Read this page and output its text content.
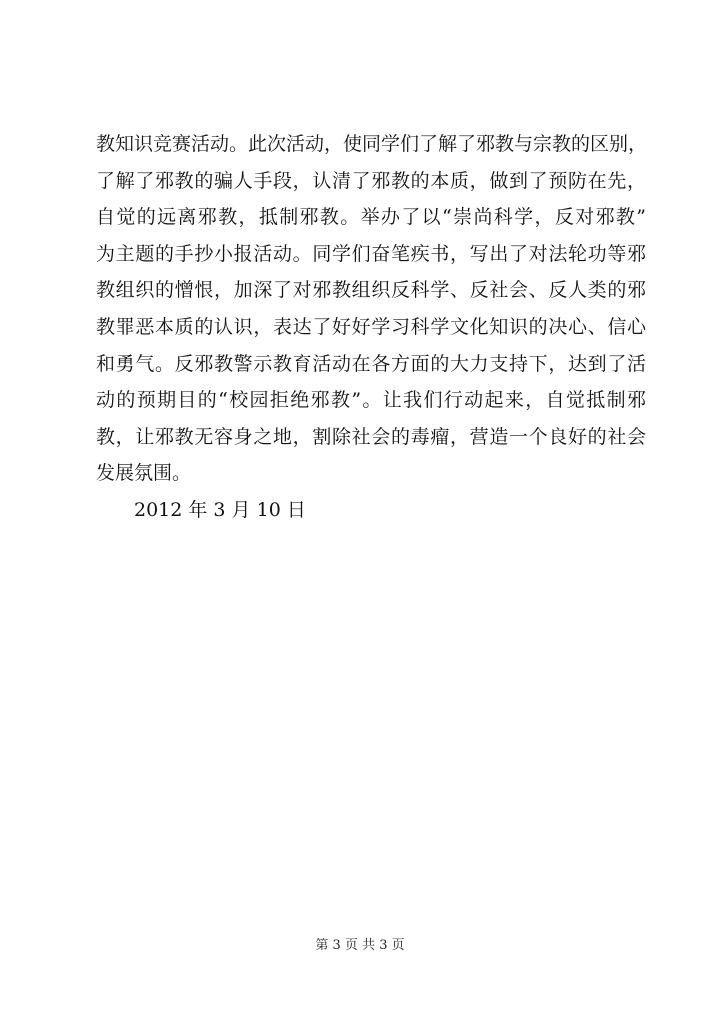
教知识竞赛活动。此次活动，使同学们了解了邪教与宗教的区别，
了解了邪教的骗人手段，认清了邪教的本质，做到了预防在先，
自觉的远离邪教，抵制邪教。举办了以“崇尚科学，反对邪教”
为主题的手抄小报活动。同学们奋笔疾书，写出了对法轮功等邪
教组织的憎恨，加深了对邪教组织反科学、反社会、反人类的邪
教罪恶本质的认识，表达了好好学习科学文化知识的决心、信心
和勇气。反邪教警示教育活动在各方面的大力支持下，达到了活
动的预期目的“校园拒绝邪教”。让我们行动起来，自觉抵制邪
教，让邪教无容身之地，割除社会的毒瘤，营造一个良好的社会
发展氛围。
2012 年 3 月 10 日
第 3 页 共 3 页
